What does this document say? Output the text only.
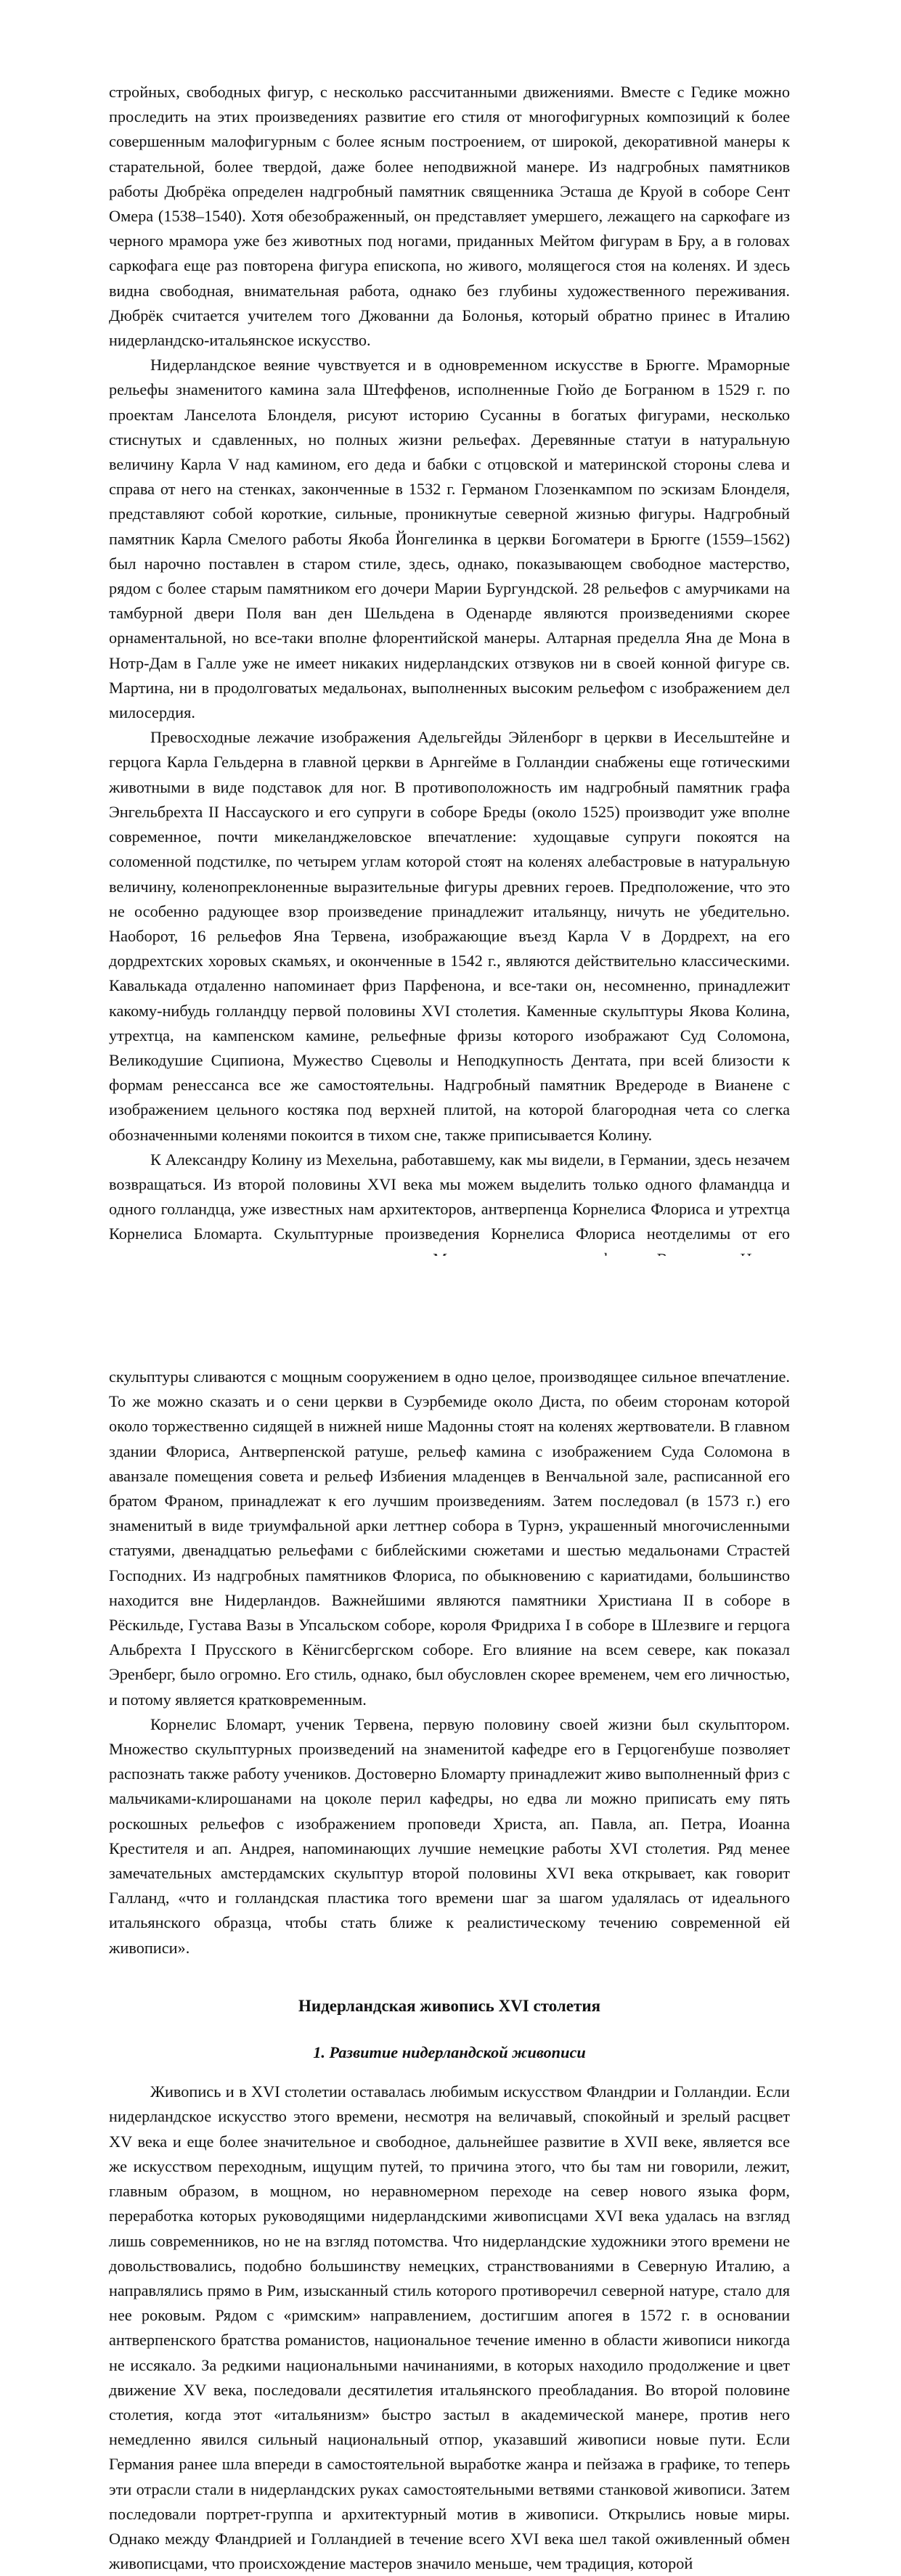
стройных, свободных фигур, с несколько рассчитанными движениями. Вместе с Гедике можно проследить на этих произведениях развитие его стиля от многофигурных композиций к более совершенным малофигурным с более ясным построением, от широкой, декоративной манеры к старательной, более твердой, даже более неподвижной манере. Из надгробных памятников работы Дюбрёка определен надгробный памятник священника Эсташа де Круой в соборе Сент Омера (1538–1540). Хотя обезображенный, он представляет умершего, лежащего на саркофаге из черного мрамора уже без животных под ногами, приданных Мейтом фигурам в Бру, а в головах саркофага еще раз повторена фигура епископа, но живого, молящегося стоя на коленях. И здесь видна свободная, внимательная работа, однако без глубины художественного переживания. Дюбрёк считается учителем того Джованни да Болонья, который обратно принес в Италию нидерландско-итальянское искусство.

Нидерландское веяние чувствуется и в одновременном искусстве в Брюгге. Мраморные рельефы знаменитого камина зала Штеффенов, исполненные Гюйо де Богранюм в 1529 г. по проектам Ланселота Блонделя, рисуют историю Сусанны в богатых фигурами, несколько стиснутых и сдавленных, но полных жизни рельефах. Деревянные статуи в натуральную величину Карла V над камином, его деда и бабки с отцовской и материнской стороны слева и справа от него на стенках, законченные в 1532 г. Германом Глозенкампом по эскизам Блонделя, представляют собой короткие, сильные, проникнутые северной жизнью фигуры. Надгробный памятник Карла Смелого работы Якоба Йонгелинка в церкви Богоматери в Брюгге (1559–1562) был нарочно поставлен в старом стиле, здесь, однако, показывающем свободное мастерство, рядом с более старым памятником его дочери Марии Бургундской. 28 рельефов с амурчиками на тамбурной двери Поля ван ден Шельдена в Оденарде являются произведениями скорее орнаментальной, но все-таки вполне флорентийской манеры. Алтарная пределла Яна де Мона в Нотр-Дам в Галле уже не имеет никаких нидерландских отзвуков ни в своей конной фигуре св. Мартина, ни в продолговатых медальонах, выполненных высоким рельефом с изображением дел милосердия.

Превосходные лежачие изображения Адельгейды Эйленборг в церкви в Иесельштейне и герцога Карла Гельдерна в главной церкви в Арнгейме в Голландии снабжены еще готическими животными в виде подставок для ног. В противоположность им надгробный памятник графа Энгельбрехта II Нассауского и его супруги в соборе Бреды (около 1525) производит уже вполне современное, почти микеланджеловское впечатление: худощавые супруги покоятся на соломенной подстилке, по четырем углам которой стоят на коленях алебастровые в натуральную величину, коленопреклоненные выразительные фигуры древних героев. Предположение, что это не особенно радующее взор произведение принадлежит итальянцу, ничуть не убедительно. Наоборот, 16 рельефов Яна Тервена, изображающие въезд Карла V в Дордрехт, на его дордрехтских хоровых скамьях, и оконченные в 1542 г., являются действительно классическими. Кавалькада отдаленно напоминает фриз Парфенона, и все-таки он, несомненно, принадлежит какому-нибудь голландцу первой половины XVI столетия. Каменные скульптуры Якова Колина, утрехтца, на кампенском камине, рельефные фризы которого изображают Суд Соломона, Великодушие Сципиона, Мужество Сцеволы и Неподкупность Дентата, при всей близости к формам ренессанса все же самостоятельны. Надгробный памятник Вредероде в Вианене с изображением цельного костяка под верхней плитой, на которой благородная чета со слегка обозначенными коленями покоится в тихом сне, также приписывается Колину.

К Александру Колину из Мехельна, работавшему, как мы видели, в Германии, здесь незачем возвращаться. Из второй половины XVI века мы можем выделить только одного фламандца и одного голландца, уже известных нам архитекторов, антверпенца Корнелиса Флориса и утрехтца Корнелиса Бломарта. Скульптурные произведения Корнелиса Флориса неотделимы от его

скульптуры сливаются с мощным сооружением в одно целое, производящее сильное впечатление. То же можно сказать и о сени церкви в Суэрбемиде около Диста, по обеим сторонам которой около торжественно сидящей в нижней нише Мадонны стоят на коленях жертвователи. В главном здании Флориса, Антверпенской ратуше, рельеф камина с изображением Суда Соломона в аванзале помещения совета и рельеф Избиения младенцев в Венчальной зале, расписанной его братом Франом, принадлежат к его лучшим произведениям. Затем последовал (в 1573 г.) его знаменитый в виде триумфальной арки леттнер собора в Турнэ, украшенный многочисленными статуями, двенадцатью рельефами с библейскими сюжетами и шестью медальонами Страстей Господних. Из надгробных памятников Флориса, по обыкновению с кариатидами, большинство находится вне Нидерландов. Важнейшими являются памятники Христиана II в соборе в Рёскильде, Густава Вазы в Упсальском соборе, короля Фридриха I в соборе в Шлезвиге и герцога Альбрехта I Прусского в Кёнигсбергском соборе. Его влияние на всем севере, как показал Эренберг, было огромно. Его стиль, однако, был обусловлен скорее временем, чем его личностью, и потому является кратковременным.

Корнелис Бломарт, ученик Тервена, первую половину своей жизни был скульптором. Множество скульптурных произведений на знаменитой кафедре его в Герцогенбуше позволяет распознать также работу учеников. Достоверно Бломарту принадлежит живо выполненный фриз с мальчиками-клирошанами на цоколе перил кафедры, но едва ли можно приписать ему пять роскошных рельефов с изображением проповеди Христа, ап. Павла, ап. Петра, Иоанна Крестителя и ап. Андрея, напоминающих лучшие немецкие работы XVI столетия. Ряд менее замечательных амстердамских скульптур второй половины XVI века открывает, как говорит Галланд, «что и голландская пластика того времени шаг за шагом удалялась от идеального итальянского образца, чтобы стать ближе к реалистическому течению современной ей живописи».

Нидерландская живопись XVI столетия
1. Развитие нидерландской живописи

Живопись и в XVI столетии оставалась любимым искусством Фландрии и Голландии. Если нидерландское искусство этого времени, несмотря на величавый, спокойный и зрелый расцвет XV века и еще более значительное и свободное, дальнейшее развитие в XVII веке, является все же искусством переходным, ищущим путей, то причина этого, что бы там ни говорили, лежит, главным образом, в мощном, но неравномерном переходе на север нового языка форм, переработка которых руководящими нидерландскими живописцами XVI века удалась на взгляд лишь современников, но не на взгляд потомства. Что нидерландские художники этого времени не довольствовались, подобно большинству немецких, странствованиями в Северную Италию, а направлялись прямо в Рим, изысканный стиль которого противоречил северной натуре, стало для нее роковым. Рядом с «римским» направлением, достигшим апогея в 1572 г. в основании антверпенского братства романистов, национальное течение именно в области живописи никогда не иссякало. За редкими национальными начинаниями, в которых находило продолжение и цвет движение XV века, последовали десятилетия итальянского преобладания. Во второй половине столетия, когда этот «итальянизм» быстро застыл в академической манере, против него немедленно явился сильный национальный отпор, указавший живописи новые пути. Если Германия ранее шла впереди в самостоятельной выработке жанра и пейзажа в графике, то теперь эти отрасли стали в нидерландских руках самостоятельными ветвями станковой живописи. Затем последовали портрет-группа и архитектурный мотив в живописи. Открылись новые миры. Однако между Фландрией и Голландией в течение всего XVI века шел такой оживленный обмен живописцами, что происхождение мастеров значило меньше, чем традиция, которой
